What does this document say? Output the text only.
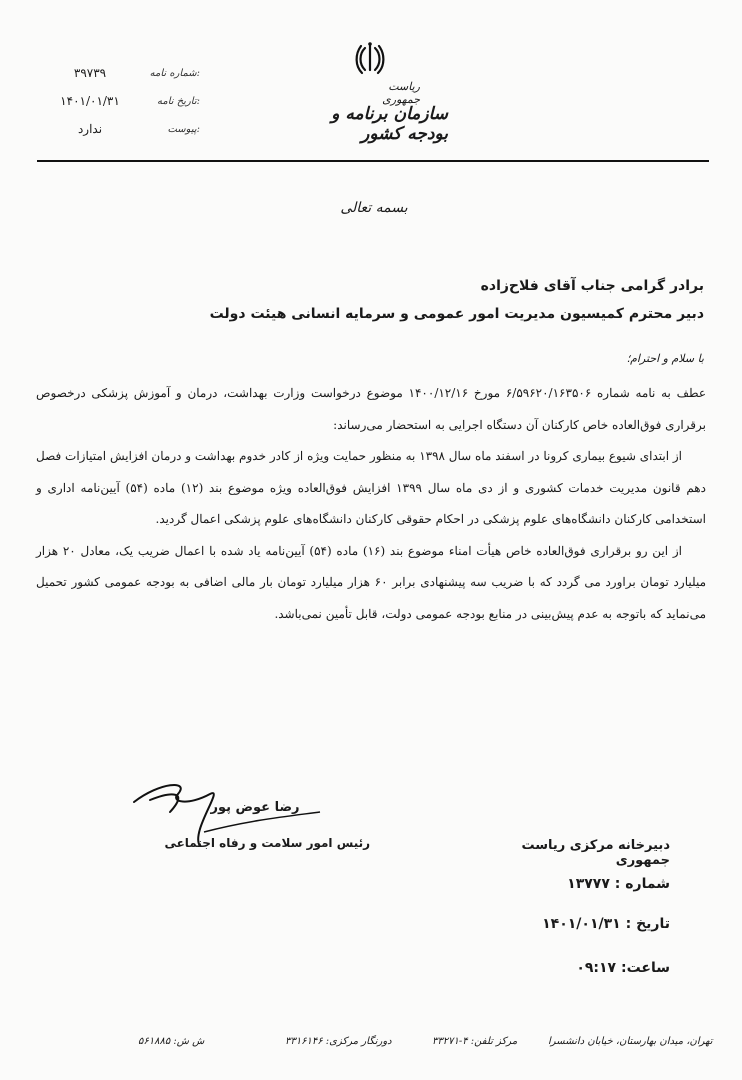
۳۹۷۳۹	شماره نامه:
۱۴۰۱/۰۱/۳۱	تاریخ نامه:
ندارد	پیوست:
ریاست جمهوری
سازمان برنامه و بودجه کشور
بسمه تعالی
برادر گرامی جناب آقای فلاح‌زاده
دبیر محترم کمیسیون مدیریت امور عمومی و سرمایه انسانی هیئت دولت
با سلام و احترام؛

عطف به نامه شماره ۶/۵۹۶۲۰/۱۶۳۵۰۶ مورخ ۱۴۰۰/۱۲/۱۶ موضوع درخواست وزارت بهداشت، درمان و آموزش پزشکی درخصوص برقراری فوق‌العاده خاص کارکنان آن دستگاه اجرایی به استحضار می‌رساند:

از ابتدای شیوع بیماری کرونا در اسفند ماه سال ۱۳۹۸ به منظور حمایت ویژه از کادر خدوم بهداشت و درمان افزایش امتیازات فصل دهم قانون مدیریت خدمات کشوری و از دی ماه سال ۱۳۹۹ افزایش فوق‌العاده ویژه موضوع بند (۱۲) ماده (۵۴) آیین‌نامه اداری و استخدامی کارکنان دانشگاه‌های علوم پزشکی در احکام حقوقی کارکنان دانشگاه‌های علوم پزشکی اعمال گردید.

از این رو برقراری فوق‌العاده خاص هیأت امناء موضوع بند (۱۶) ماده (۵۴) آیین‌نامه یاد شده با اعمال ضریب یک، معادل ۲۰ هزار میلیارد تومان براورد می گردد که با ضریب سه پیشنهادی برابر ۶۰ هزار میلیارد تومان بار مالی اضافی به بودجه عمومی کشور تحمیل می‌نماید که باتوجه به عدم پیش‌بینی در منابع بودجه عمومی دولت، قابل تأمین نمی‌باشد.

رضا عوض پور
رئیس امور سلامت و رفاه اجتماعی	دبیرخانه مرکزی ریاست جمهوری
شماره : ۱۳۷۷۷
تاریخ : ۱۴۰۱/۰۱/۳۱
ساعت: ۰۹:۱۷
تهران، میدان بهارستان، خیابان دانشسرا
مرکز تلفن: ۴-۳۳۲۷۱
دورنگار مرکزی: ۳۳۱۶۱۴۶
ش ش: ۵۶۱۸۸۵
